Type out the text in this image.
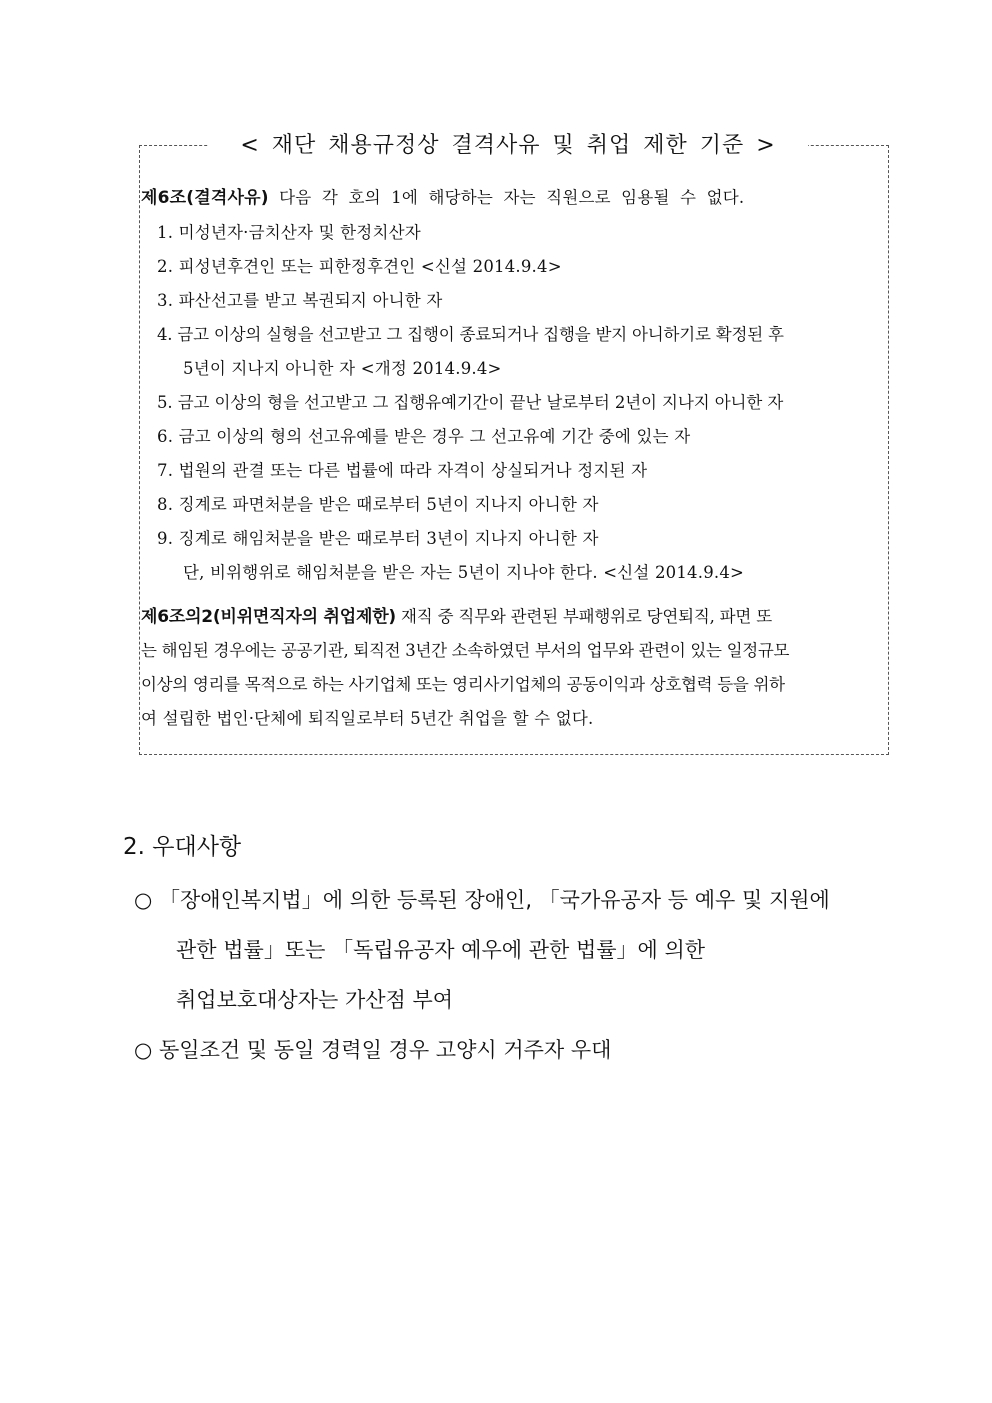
< 재단 채용규정상 결격사유 및 취업 제한 기준 >
제6조(결격사유) 다음 각 호의 1에 해당하는 자는 직원으로 임용될 수 없다.
1. 미성년자·금치산자 및 한정치산자
2. 피성년후견인 또는 피한정후견인 <신설 2014.9.4>
3. 파산선고를 받고 복권되지 아니한 자
4. 금고 이상의 실형을 선고받고 그 집행이 종료되거나 집행을 받지 아니하기로 확정된 후
5년이 지나지 아니한 자 <개정 2014.9.4>
5. 금고 이상의 형을 선고받고 그 집행유예기간이 끝난 날로부터 2년이 지나지 아니한 자
6. 금고 이상의 형의 선고유예를 받은 경우 그 선고유예 기간 중에 있는 자
7. 법원의 관결 또는 다른 법률에 따라 자격이 상실되거나 정지된 자
8. 징계로 파면처분을 받은 때로부터 5년이 지나지 아니한 자
9. 징계로 해임처분을 받은 때로부터 3년이 지나지 아니한 자
단, 비위행위로 해임처분을 받은 자는 5년이 지나야 한다. <신설 2014.9.4>
제6조의2(비위면직자의 취업제한) 재직 중 직무와 관련된 부패행위로 당연퇴직, 파면 또
는 해임된 경우에는 공공기관, 퇴직전 3년간 소속하였던 부서의 업무와 관련이 있는 일정규모
이상의 영리를 목적으로 하는 사기업체 또는 영리사기업체의 공동이익과 상호협력 등을 위하
여 설립한 법인·단체에 퇴직일로부터 5년간 취업을 할 수 없다.
2. 우대사항
○ 「장애인복지법」에 의한 등록된 장애인, 「국가유공자 등 예우 및 지원에
관한 법률」또는 「독립유공자 예우에 관한 법률」에 의한
취업보호대상자는 가산점 부여
○ 동일조건 및 동일 경력일 경우 고양시 거주자 우대
